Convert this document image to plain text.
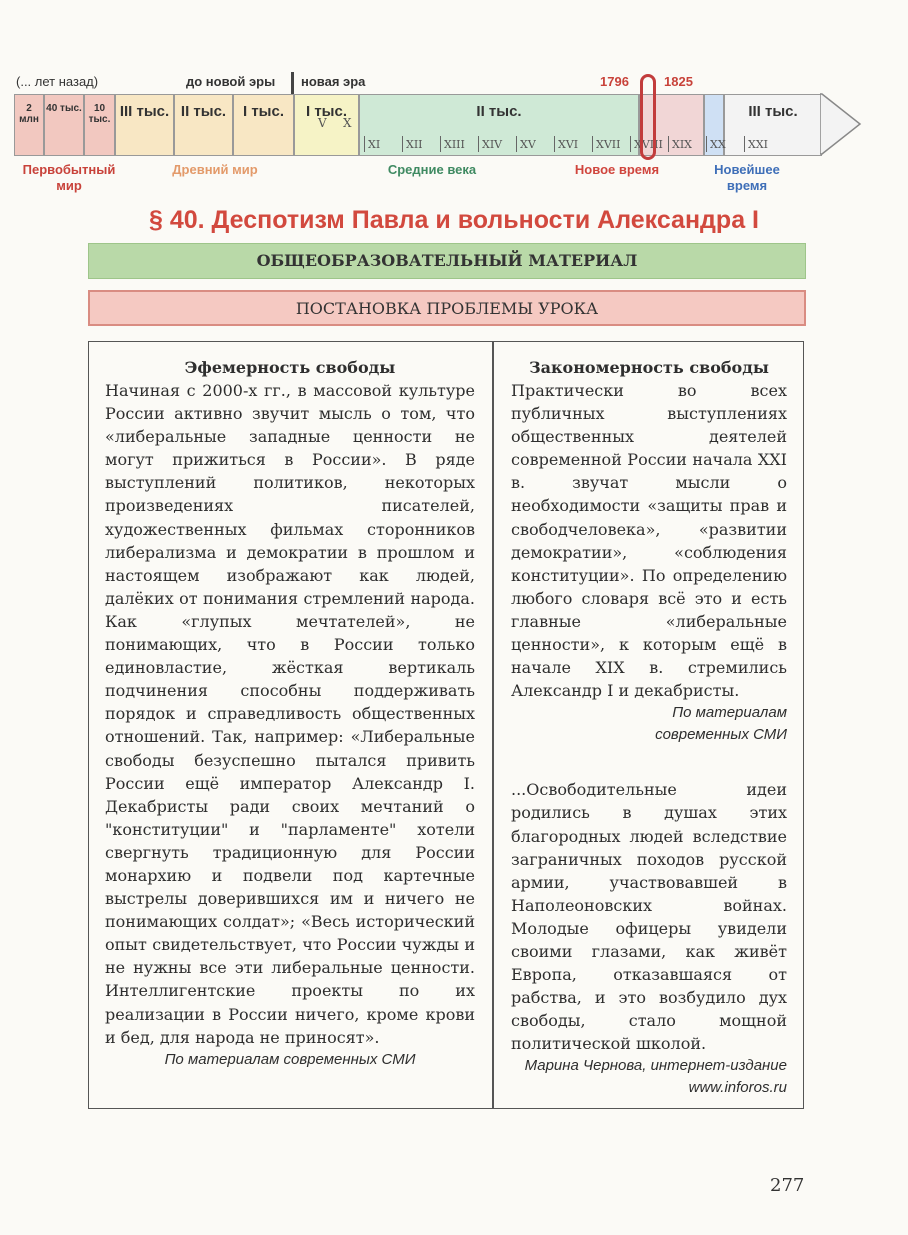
(... лет назад)	до новой эры новая эра	1796	1825
2 млн
40 тыс.	10 тыс. III тыс. II тыс.	I тыс.	I тыс.	II тыс.	III тыс.
V X
XI XII XIII XIV XV XVI XVII XVIII XIX XX XXI
Первобытный мир
Древний мир	Средние века	Новое время	Новейшее время
§ 40. Деспотизм Павла и вольности Александра I
ОБЩЕОБРАЗОВАТЕЛЬНЫЙ МАТЕРИАЛ
ПОСТАНОВКА ПРОБЛЕМЫ УРОКА
Эфемерность свободы

Начиная с 2000-х гг., в массовой культуре России активно звучит мысль о том, что «либеральные западные ценности не могут прижиться в России». В ряде выступлений политиков, некоторых произведениях писателей, художественных фильмах сторонников либерализма и демократии в прошлом и настоящем изображают как людей, далёких от понимания стремлений народа. Как «глупых мечтателей», не понимающих, что в России только единовластие, жёсткая вертикаль подчинения способны поддерживать порядок и справедливость общественных отношений. Так, например: «Либеральные свободы безуспешно пытался привить России ещё император Александр I. Декабристы ради своих мечтаний о "конституции" и "парламенте" хотели свергнуть традиционную для России монархию и подвели под картечные выстрелы доверившихся им и ничего не понимающих солдат»; «Весь исторический опыт свидетельствует, что России чужды и не нужны все эти либеральные ценности. Интеллигентские проекты по их реализации в России ничего, кроме крови и бед, для народа не приносят».

По материалам современных СМИ
Закономерность свободы

Практически во всех публичных выступлениях общественных деятелей современной России начала XXI в. звучат мысли о необходимости «защиты прав и свободчеловека», «развитии демократии», «соблюдения конституции». По определению любого словаря всё это и есть главные «либеральные ценности», к которым ещё в начале XIX в. стремились Александр I и декабристы.

По материалам современных СМИ

...Освободительные идеи родились в душах этих благородных людей вследствие заграничных походов русской армии, участвовавшей в Наполеоновских войнах. Молодые офицеры увидели своими глазами, как живёт Европа, отказавшаяся от рабства, и это возбудило дух свободы, стало мощной политической школой.

Марина Чернова, интернет-издание www.inforos.ru
277
